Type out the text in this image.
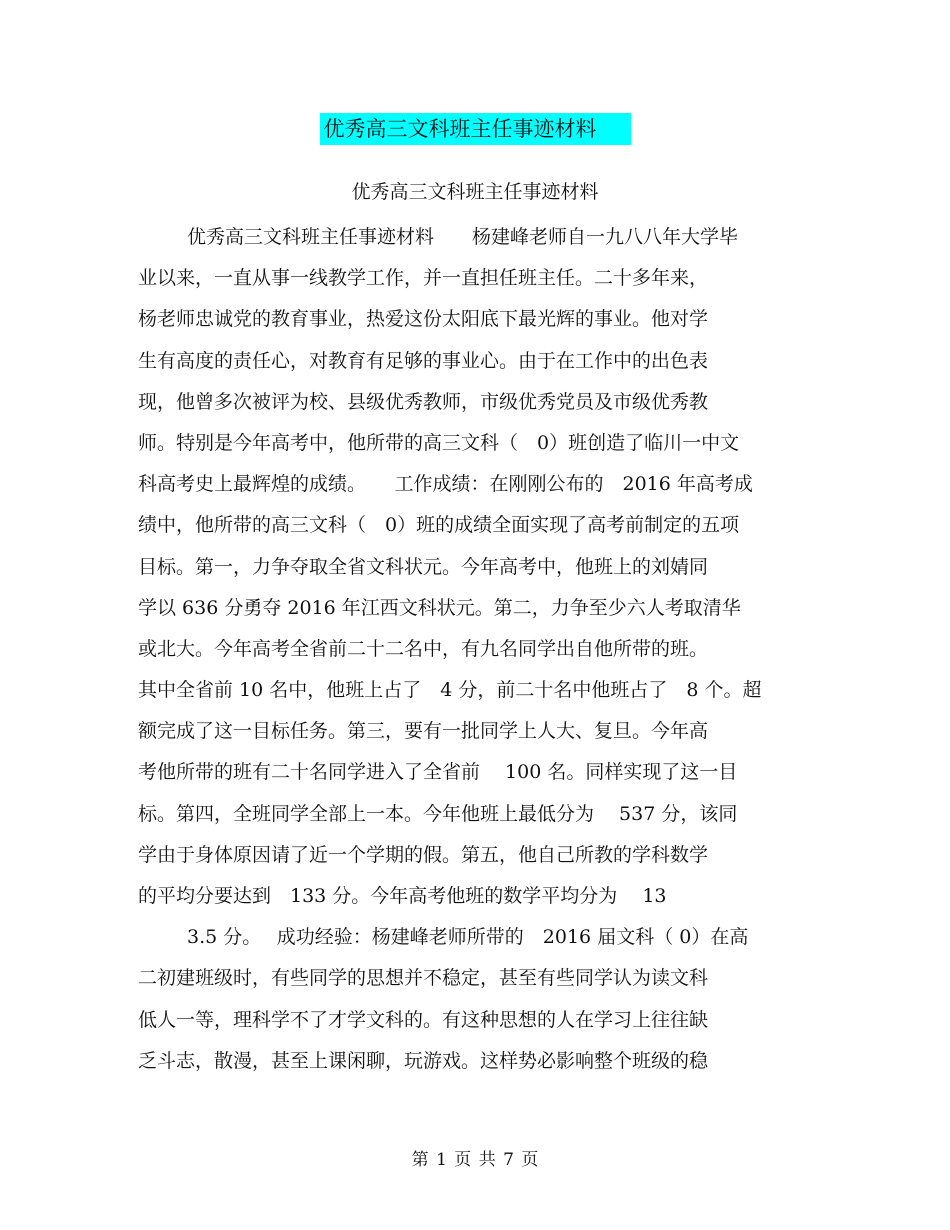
优秀高三文科班主任事迹材料
优秀高三文科班主任事迹材料
优秀高三文科班主任事迹材料　　杨建峰老师自一九八八年大学毕
业以来，一直从事一线教学工作，并一直担任班主任。二十多年来，
杨老师忠诚党的教育事业，热爱这份太阳底下最光辉的事业。他对学
生有高度的责任心，对教育有足够的事业心。由于在工作中的出色表
现，他曾多次被评为校、县级优秀教师，市级优秀党员及市级优秀教
师。特别是今年高考中，他所带的高三文科（　0）班创造了临川一中文
科高考史上最辉煌的成绩。　　工作成绩：在刚刚公布的　2016 年高考成
绩中，他所带的高三文科（　0）班的成绩全面实现了高考前制定的五项
目标。第一，力争夺取全省文科状元。今年高考中，他班上的刘婧同
学以 636 分勇夺 2016 年江西文科状元。第二，力争至少六人考取清华
或北大。今年高考全省前二十二名中，有九名同学出自他所带的班。
其中全省前 10 名中，他班上占了　4 分，前二十名中他班占了　8 个。超
额完成了这一目标任务。第三，要有一批同学上人大、复旦。今年高
考他所带的班有二十名同学进入了全省前　 100 名。同样实现了这一目
标。第四，全班同学全部上一本。今年他班上最低分为　 537 分，该同
学由于身体原因请了近一个学期的假。第五，他自己所教的学科数学
的平均分要达到　133 分。今年高考他班的数学平均分为　 13
3.5 分。　 成功经验：杨建峰老师所带的　2016 届文科（ 0）在高
二初建班级时，有些同学的思想并不稳定，甚至有些同学认为读文科
低人一等，理科学不了才学文科的。有这种思想的人在学习上往往缺
乏斗志，散漫，甚至上课闲聊，玩游戏。这样势必影响整个班级的稳
第 1 页 共 7 页
